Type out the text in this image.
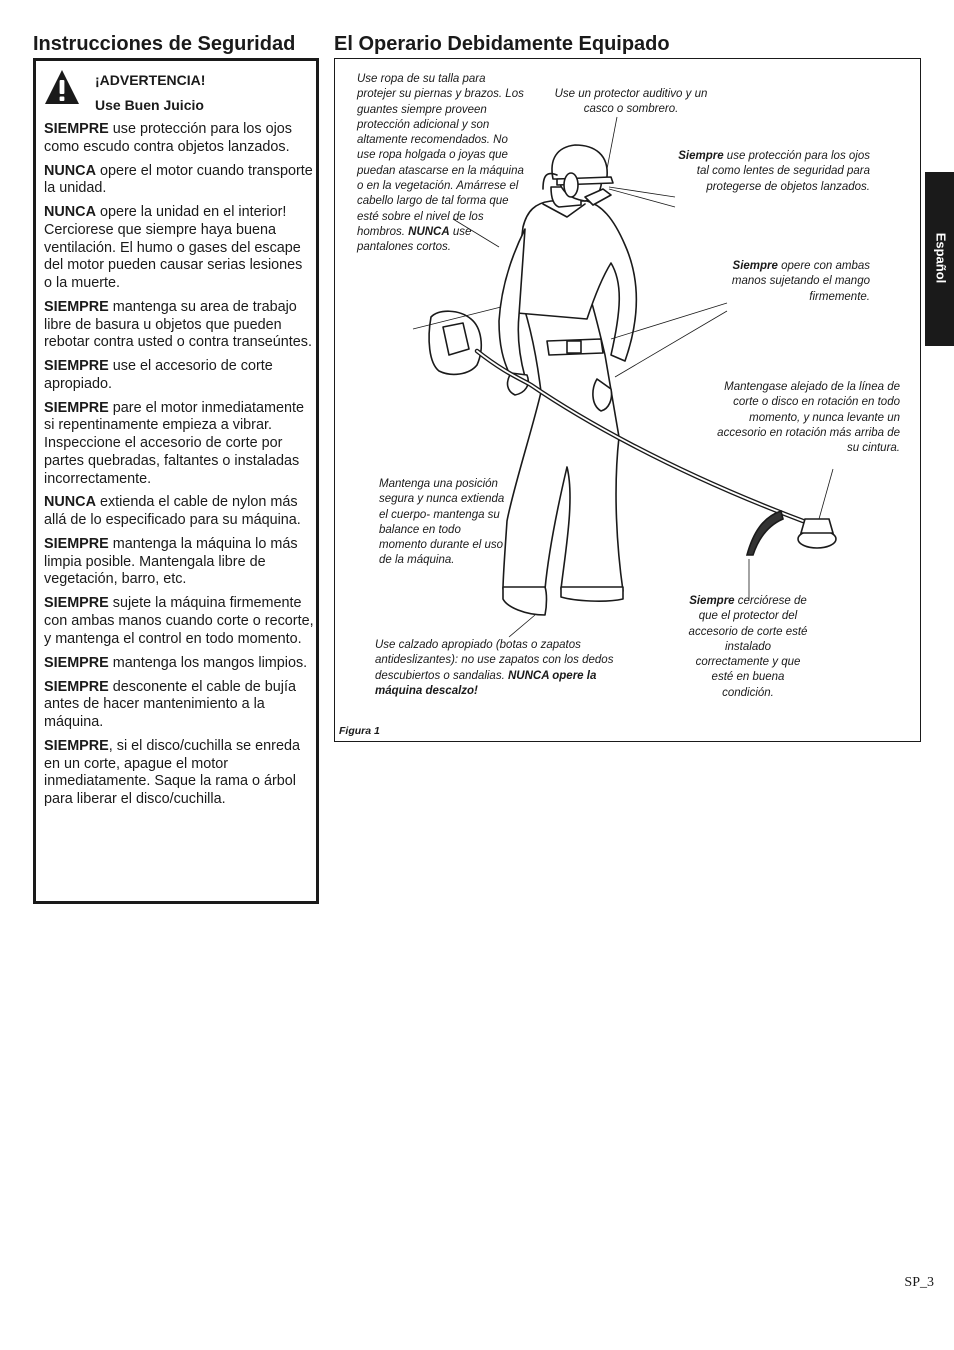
Instrucciones de Seguridad El Operario Debidamente Equipado
¡ADVERTENCIA!
Use Buen Juicio

SIEMPRE use protección para los ojos como escudo contra objetos lanzados.

NUNCA opere el motor cuando transporte la unidad.

NUNCA opere la unidad en el interior! Cerciorese que siempre haya buena ventilación. El humo o gases del escape del motor pueden causar serias lesiones o la muerte.

SIEMPRE mantenga su area de trabajo libre de basura u objetos que pueden rebotar contra usted o contra transeúntes.

SIEMPRE use el accesorio de corte apropiado.

SIEMPRE pare el motor inmediatamente si repentinamente empieza a vibrar. Inspeccione el accesorio de corte por partes quebradas, faltantes o instaladas incorrectamente.

NUNCA extienda el cable de nylon más allá de lo especificado para su máquina.

SIEMPRE mantenga la máquina lo más limpia posible. Mantengala libre de vegetación, barro, etc.

SIEMPRE sujete la máquina firmemente con ambas manos cuando corte o recorte, y mantenga el control en todo momento.

SIEMPRE mantenga los mangos limpios.

SIEMPRE desconente el cable de bujía antes de hacer mantenimiento a la máquina.

SIEMPRE, si el disco/cuchilla se enreda en un corte, apague el motor inmediatamente. Saque la rama o árbol para liberar el disco/cuchilla.

Use ropa de su talla para protejer su piernas y brazos. Los guantes siempre proveen protección adicional y son altamente recomendados. No use ropa holgada o joyas que puedan atascarse en la máquina o en la vegetación. Amárrese el cabello largo de tal forma que esté sobre el nivel de los hombros. NUNCA use pantalones cortos.
Use un protector auditivo y un casco o sombrero.
Siempre use protección para los ojos tal como lentes de seguridad para protegerse de objetos lanzados.
Siempre opere con ambas manos sujetando el mango firmemente.
Mantengase alejado de la línea de corte o disco en rotación en todo momento, y nunca levante un accesorio en rotación más arriba de su cintura.
Mantenga una posición segura y nunca extienda el cuerpo- mantenga su balance en todo momento durante el uso de la máquina.
Siempre cerciórese de que el protector del accesorio de corte esté instalado correctamente y que esté en buena condición.
Use calzado apropiado (botas o zapatos antideslizantes): no use zapatos con los dedos descubiertos o sandalias. NUNCA opere la máquina descalzo!
Figura 1
Español
SP_3
